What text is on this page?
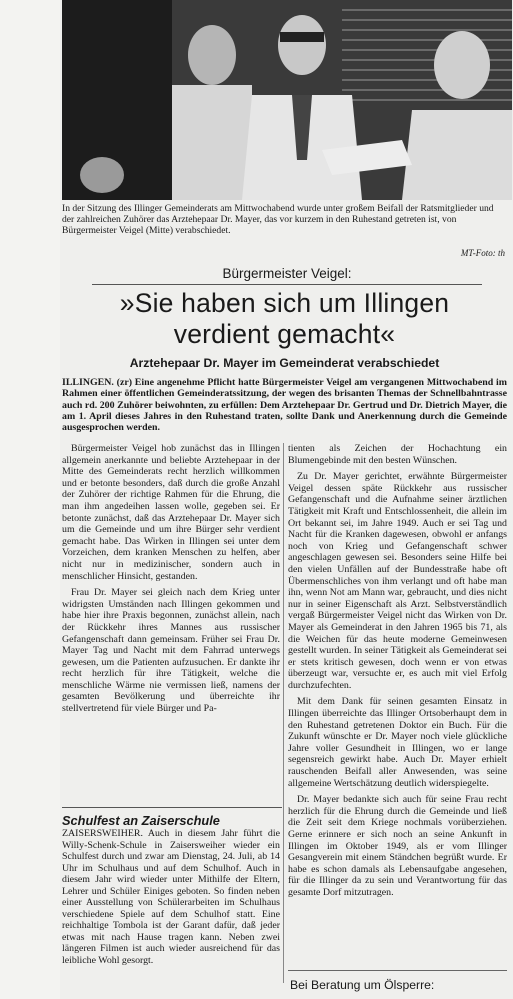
In der Sitzung des Illinger Gemeinderats am Mittwochabend wurde unter großem Beifall der Ratsmitglieder und der zahlreichen Zuhörer das Arztehepaar Dr. Mayer, das vor kurzem in den Ruhestand getreten ist, von Bürgermeister Veigel (Mitte) verabschiedet.
MT-Foto: th
Bürgermeister Veigel:
»Sie haben sich um Illingen
verdient gemacht«
Arztehepaar Dr. Mayer im Gemeinderat verabschiedet
ILLINGEN. (zr) Eine angenehme Pflicht hatte Bürgermeister Veigel am vergangenen Mittwochabend im Rahmen einer öffentlichen Gemeinderatssitzung, der wegen des brisanten Themas der Schnellbahntrasse auch rd. 200 Zuhörer beiwohnten, zu erfüllen: Dem Arztehepaar Dr. Gertrud und Dr. Dietrich Mayer, die am 1. April dieses Jahres in den Ruhestand traten, sollte Dank und Anerkennung durch die Gemeinde ausgesprochen werden.

Bürgermeister Veigel hob zunächst das in Illingen allgemein anerkannte und beliebte Arztehepaar in der Mitte des Gemeinderats recht herzlich willkommen und er betonte besonders, daß durch die große Anzahl der Zuhörer der richtige Rahmen für die Ehrung, die man ihm angedeihen lassen wolle, gegeben sei. Er betonte zunächst, daß das Arztehepaar Dr. Mayer sich um die Gemeinde und um ihre Bürger sehr verdient gemacht habe. Das Wirken in Illingen sei unter dem Vorzeichen, dem kranken Menschen zu helfen, aber nicht nur in medizinischer, sondern auch in menschlicher Hinsicht, gestanden.

Frau Dr. Mayer sei gleich nach dem Krieg unter widrigsten Umständen nach Illingen gekommen und habe hier ihre Praxis begonnen, zunächst allein, nach der Rückkehr ihres Mannes aus russischer Gefangenschaft dann gemeinsam. Früher sei Frau Dr. Mayer Tag und Nacht mit dem Fahrrad unterwegs gewesen, um die Patienten aufzusuchen. Er dankte ihr recht herzlich für ihre Tätigkeit, welche die menschliche Wärme nie vermissen ließ, namens der gesamten Bevölkerung und überreichte ihr stellvertretend für viele Bürger und Pa-

tienten als Zeichen der Hochachtung ein Blumengebinde mit den besten Wünschen.

Zu Dr. Mayer gerichtet, erwähnte Bürgermeister Veigel dessen späte Rückkehr aus russischer Gefangenschaft und die Aufnahme seiner ärztlichen Tätigkeit mit Kraft und Entschlossenheit, die allein im Ort bekannt sei, im Jahre 1949. Auch er sei Tag und Nacht für die Kranken dagewesen, obwohl er anfangs noch von Krieg und Gefangenschaft schwer angeschlagen gewesen sei. Besonders seine Hilfe bei den vielen Unfällen auf der Bundesstraße habe oft Übermenschliches von ihm verlangt und oft habe man ihn, wenn Not am Mann war, gebraucht, und dies nicht nur in seiner Eigenschaft als Arzt. Selbstverständlich vergaß Bürgermeister Veigel nicht das Wirken von Dr. Mayer als Gemeinderat in den Jahren 1965 bis 71, als die Weichen für das heute moderne Gemeinwesen gestellt wurden. In seiner Tätigkeit als Gemeinderat sei er stets kritisch gewesen, doch wenn er von etwas überzeugt war, versuchte er, es auch mit viel Erfolg durchzufechten.

Mit dem Dank für seinen gesamten Einsatz in Illingen überreichte das Illinger Ortsoberhaupt dem in den Ruhestand getretenen Doktor ein Buch. Für die Zukunft wünschte er Dr. Mayer noch viele glückliche Jahre voller Gesundheit in Illingen, wo er lange segensreich gewirkt habe. Auch Dr. Mayer erhielt rauschenden Beifall aller Anwesenden, was seine allgemeine Wertschätzung deutlich widerspiegelte.

Dr. Mayer bedankte sich auch für seine Frau recht herzlich für die Ehrung durch die Gemeinde und ließ die Zeit seit dem Kriege nochmals vorüberziehen. Gerne erinnere er sich noch an seine Ankunft in Illingen im Oktober 1949, als er vom Illinger Gesangverein mit einem Ständchen begrüßt wurde. Er habe es schon damals als Lebensaufgabe angesehen, für die Illinger da zu sein und Verantwortung für das gesamte Dorf mitzutragen.

Schulfest an Zaiserschule
ZAISERSWEIHER. Auch in diesem Jahr führt die Willy-Schenk-Schule in Zaisersweiher wieder ein Schulfest durch und zwar am Dienstag, 24. Juli, ab 14 Uhr im Schulhaus und auf dem Schulhof. Auch in diesem Jahr wird wieder unter Mithilfe der Eltern, Lehrer und Schüler Einiges geboten. So finden neben einer Ausstellung von Schülerarbeiten im Schulhaus verschiedene Spiele auf dem Schulhof statt. Eine reichhaltige Tombola ist der Garant dafür, daß jeder etwas mit nach Hause tragen kann. Neben zwei längeren Filmen ist auch wieder ausreichend für das leibliche Wohl gesorgt.
Bei Beratung um Ölsperre:
